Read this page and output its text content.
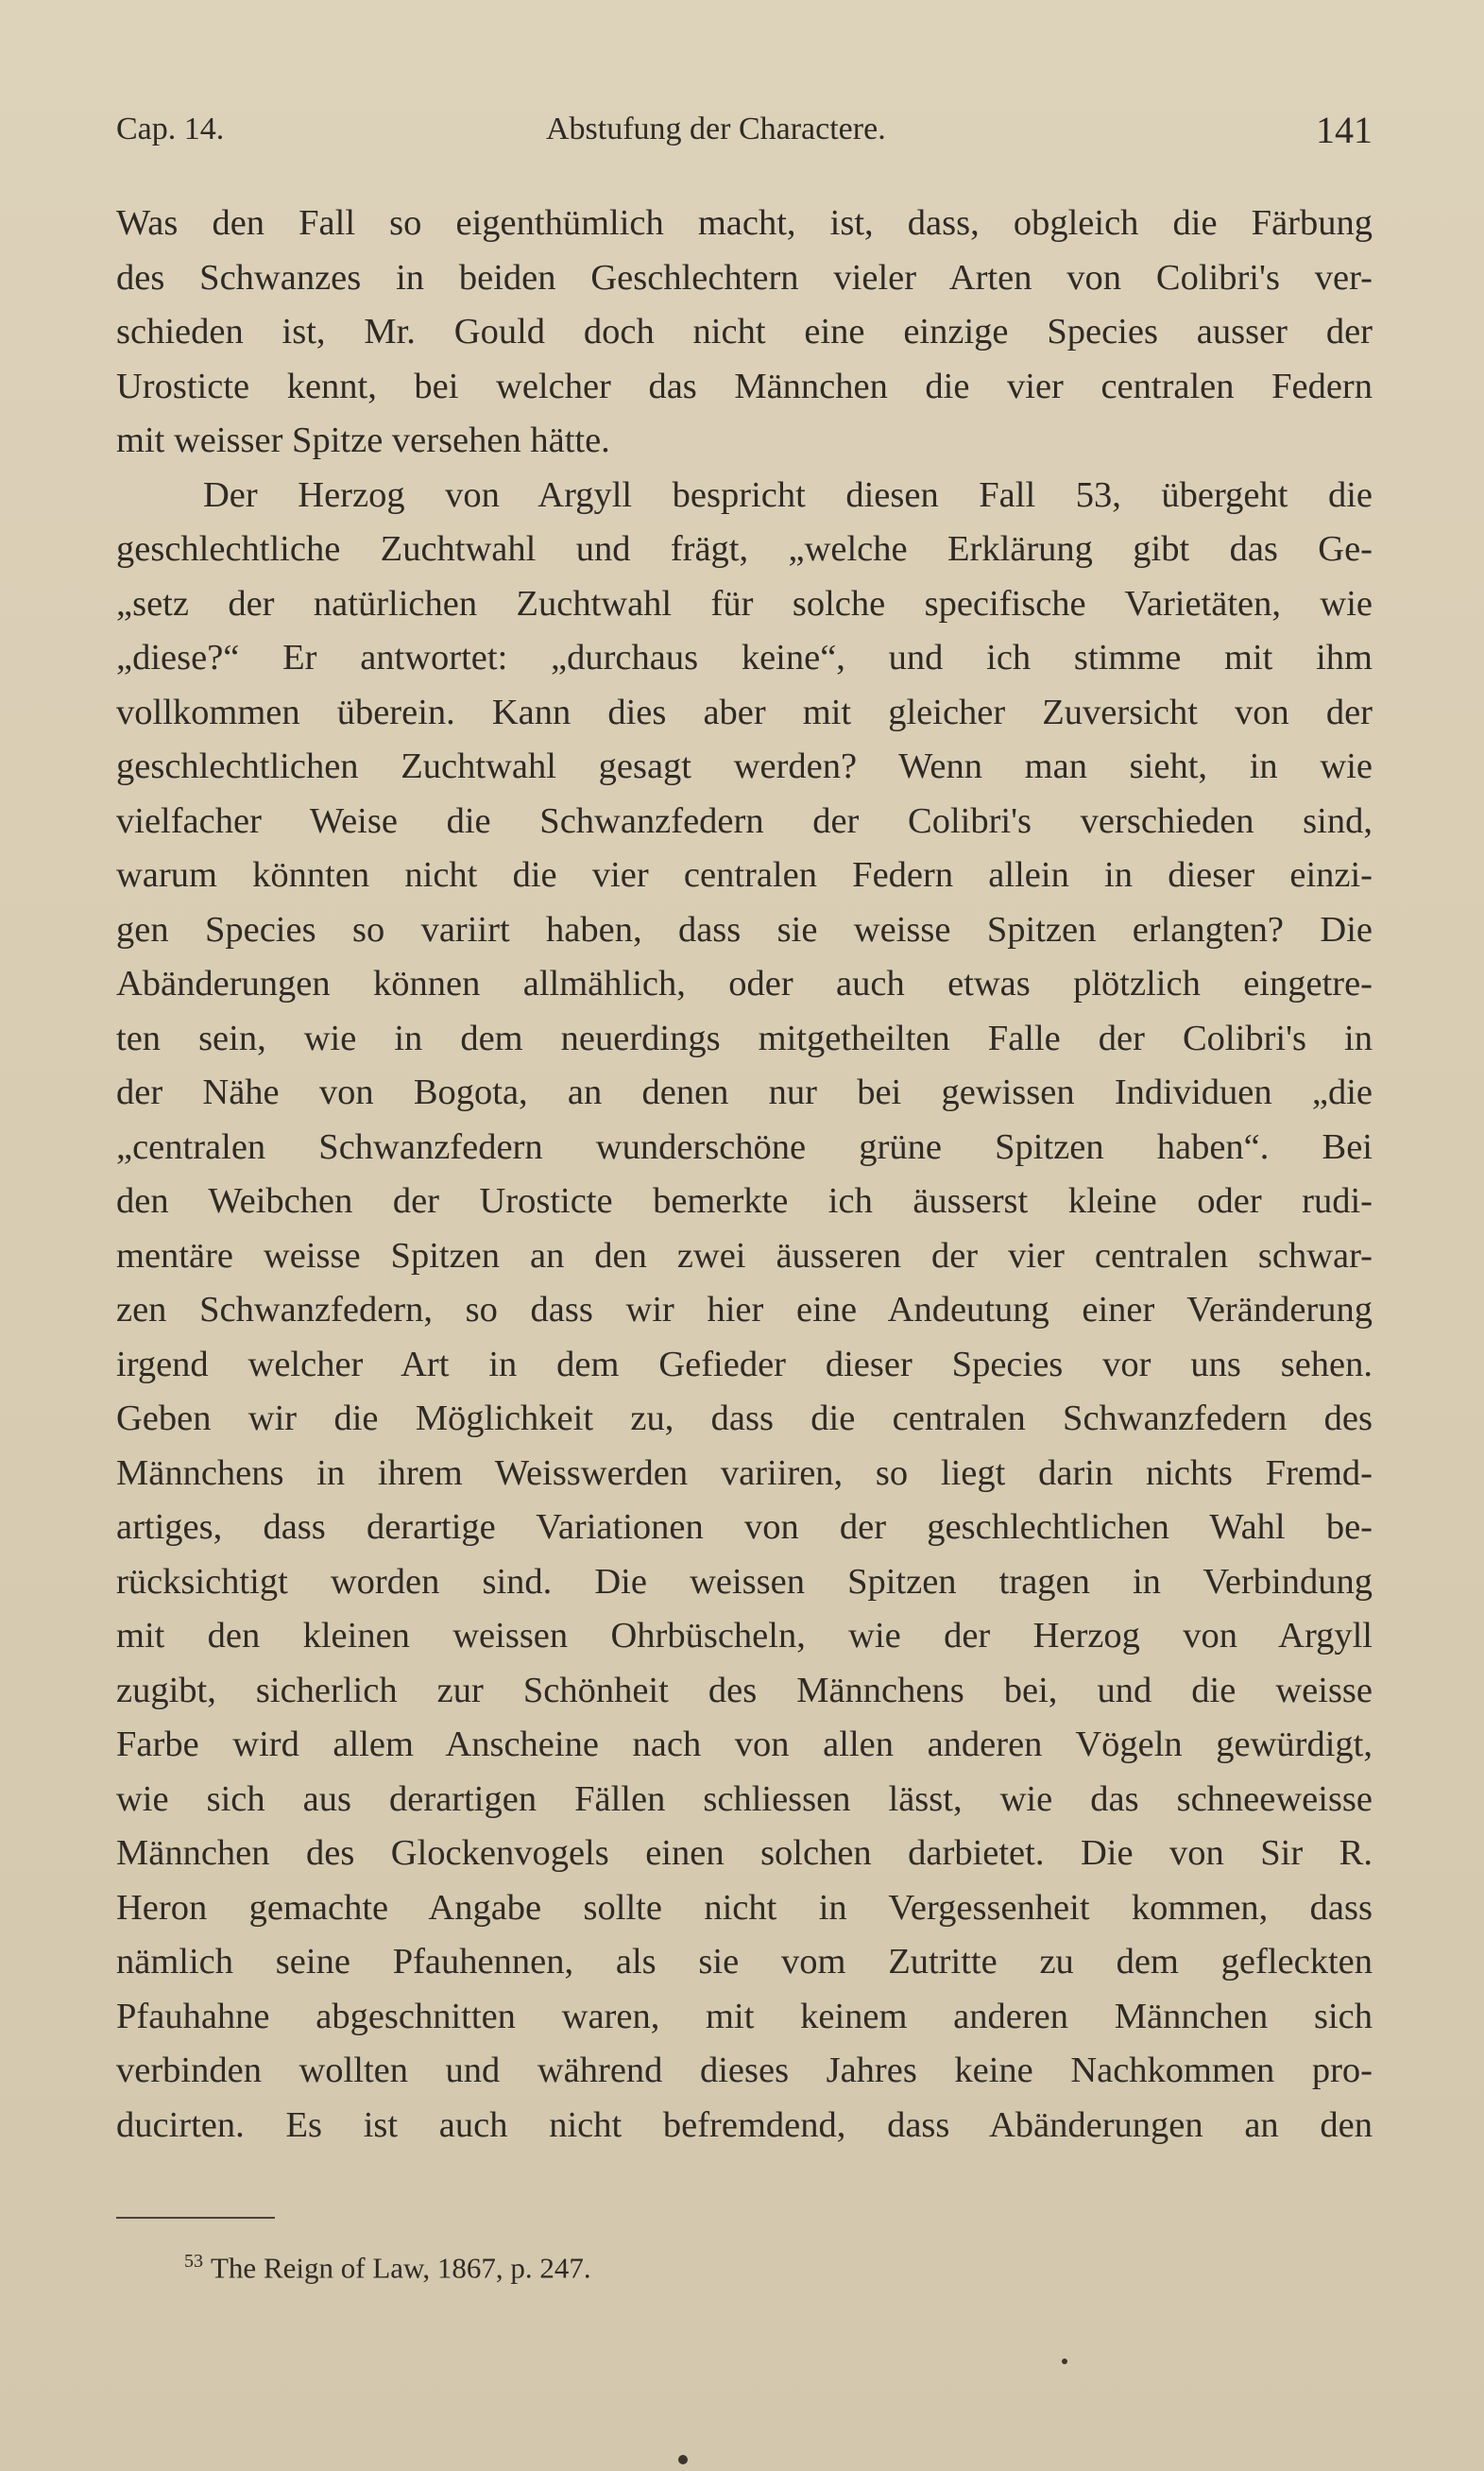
Cap. 14.	Abstufung der Charactere.	141
Was den Fall so eigenthümlich macht, ist, dass, obgleich die Färbung
des Schwanzes in beiden Geschlechtern vieler Arten von Colibri's ver-
schieden ist, Mr. Gould doch nicht eine einzige Species ausser der
Urosticte kennt, bei welcher das Männchen die vier centralen Federn
mit weisser Spitze versehen hätte.
Der Herzog von Argyll bespricht diesen Fall 53, übergeht die
geschlechtliche Zuchtwahl und frägt, „welche Erklärung gibt das Ge-
„setz der natürlichen Zuchtwahl für solche specifische Varietäten, wie
„diese?“ Er antwortet: „durchaus keine“, und ich stimme mit ihm
vollkommen überein. Kann dies aber mit gleicher Zuversicht von der
geschlechtlichen Zuchtwahl gesagt werden? Wenn man sieht, in wie
vielfacher Weise die Schwanzfedern der Colibri's verschieden sind,
warum könnten nicht die vier centralen Federn allein in dieser einzi-
gen Species so variirt haben, dass sie weisse Spitzen erlangten? Die
Abänderungen können allmählich, oder auch etwas plötzlich eingetre-
ten sein, wie in dem neuerdings mitgetheilten Falle der Colibri's in
der Nähe von Bogota, an denen nur bei gewissen Individuen „die
„centralen Schwanzfedern wunderschöne grüne Spitzen haben“. Bei
den Weibchen der Urosticte bemerkte ich äusserst kleine oder rudi-
mentäre weisse Spitzen an den zwei äusseren der vier centralen schwar-
zen Schwanzfedern, so dass wir hier eine Andeutung einer Veränderung
irgend welcher Art in dem Gefieder dieser Species vor uns sehen.
Geben wir die Möglichkeit zu, dass die centralen Schwanzfedern des
Männchens in ihrem Weisswerden variiren, so liegt darin nichts Fremd-
artiges, dass derartige Variationen von der geschlechtlichen Wahl be-
rücksichtigt worden sind. Die weissen Spitzen tragen in Verbindung
mit den kleinen weissen Ohrbüscheln, wie der Herzog von Argyll
zugibt, sicherlich zur Schönheit des Männchens bei, und die weisse
Farbe wird allem Anscheine nach von allen anderen Vögeln gewürdigt,
wie sich aus derartigen Fällen schliessen lässt, wie das schneeweisse
Männchen des Glockenvogels einen solchen darbietet. Die von Sir R.
Heron gemachte Angabe sollte nicht in Vergessenheit kommen, dass
nämlich seine Pfauhennen, als sie vom Zutritte zu dem gefleckten
Pfauhahne abgeschnitten waren, mit keinem anderen Männchen sich
verbinden wollten und während dieses Jahres keine Nachkommen pro-
ducirten. Es ist auch nicht befremdend, dass Abänderungen an den
$^{53}$ The Reign of Law, 1867, p. 247.
